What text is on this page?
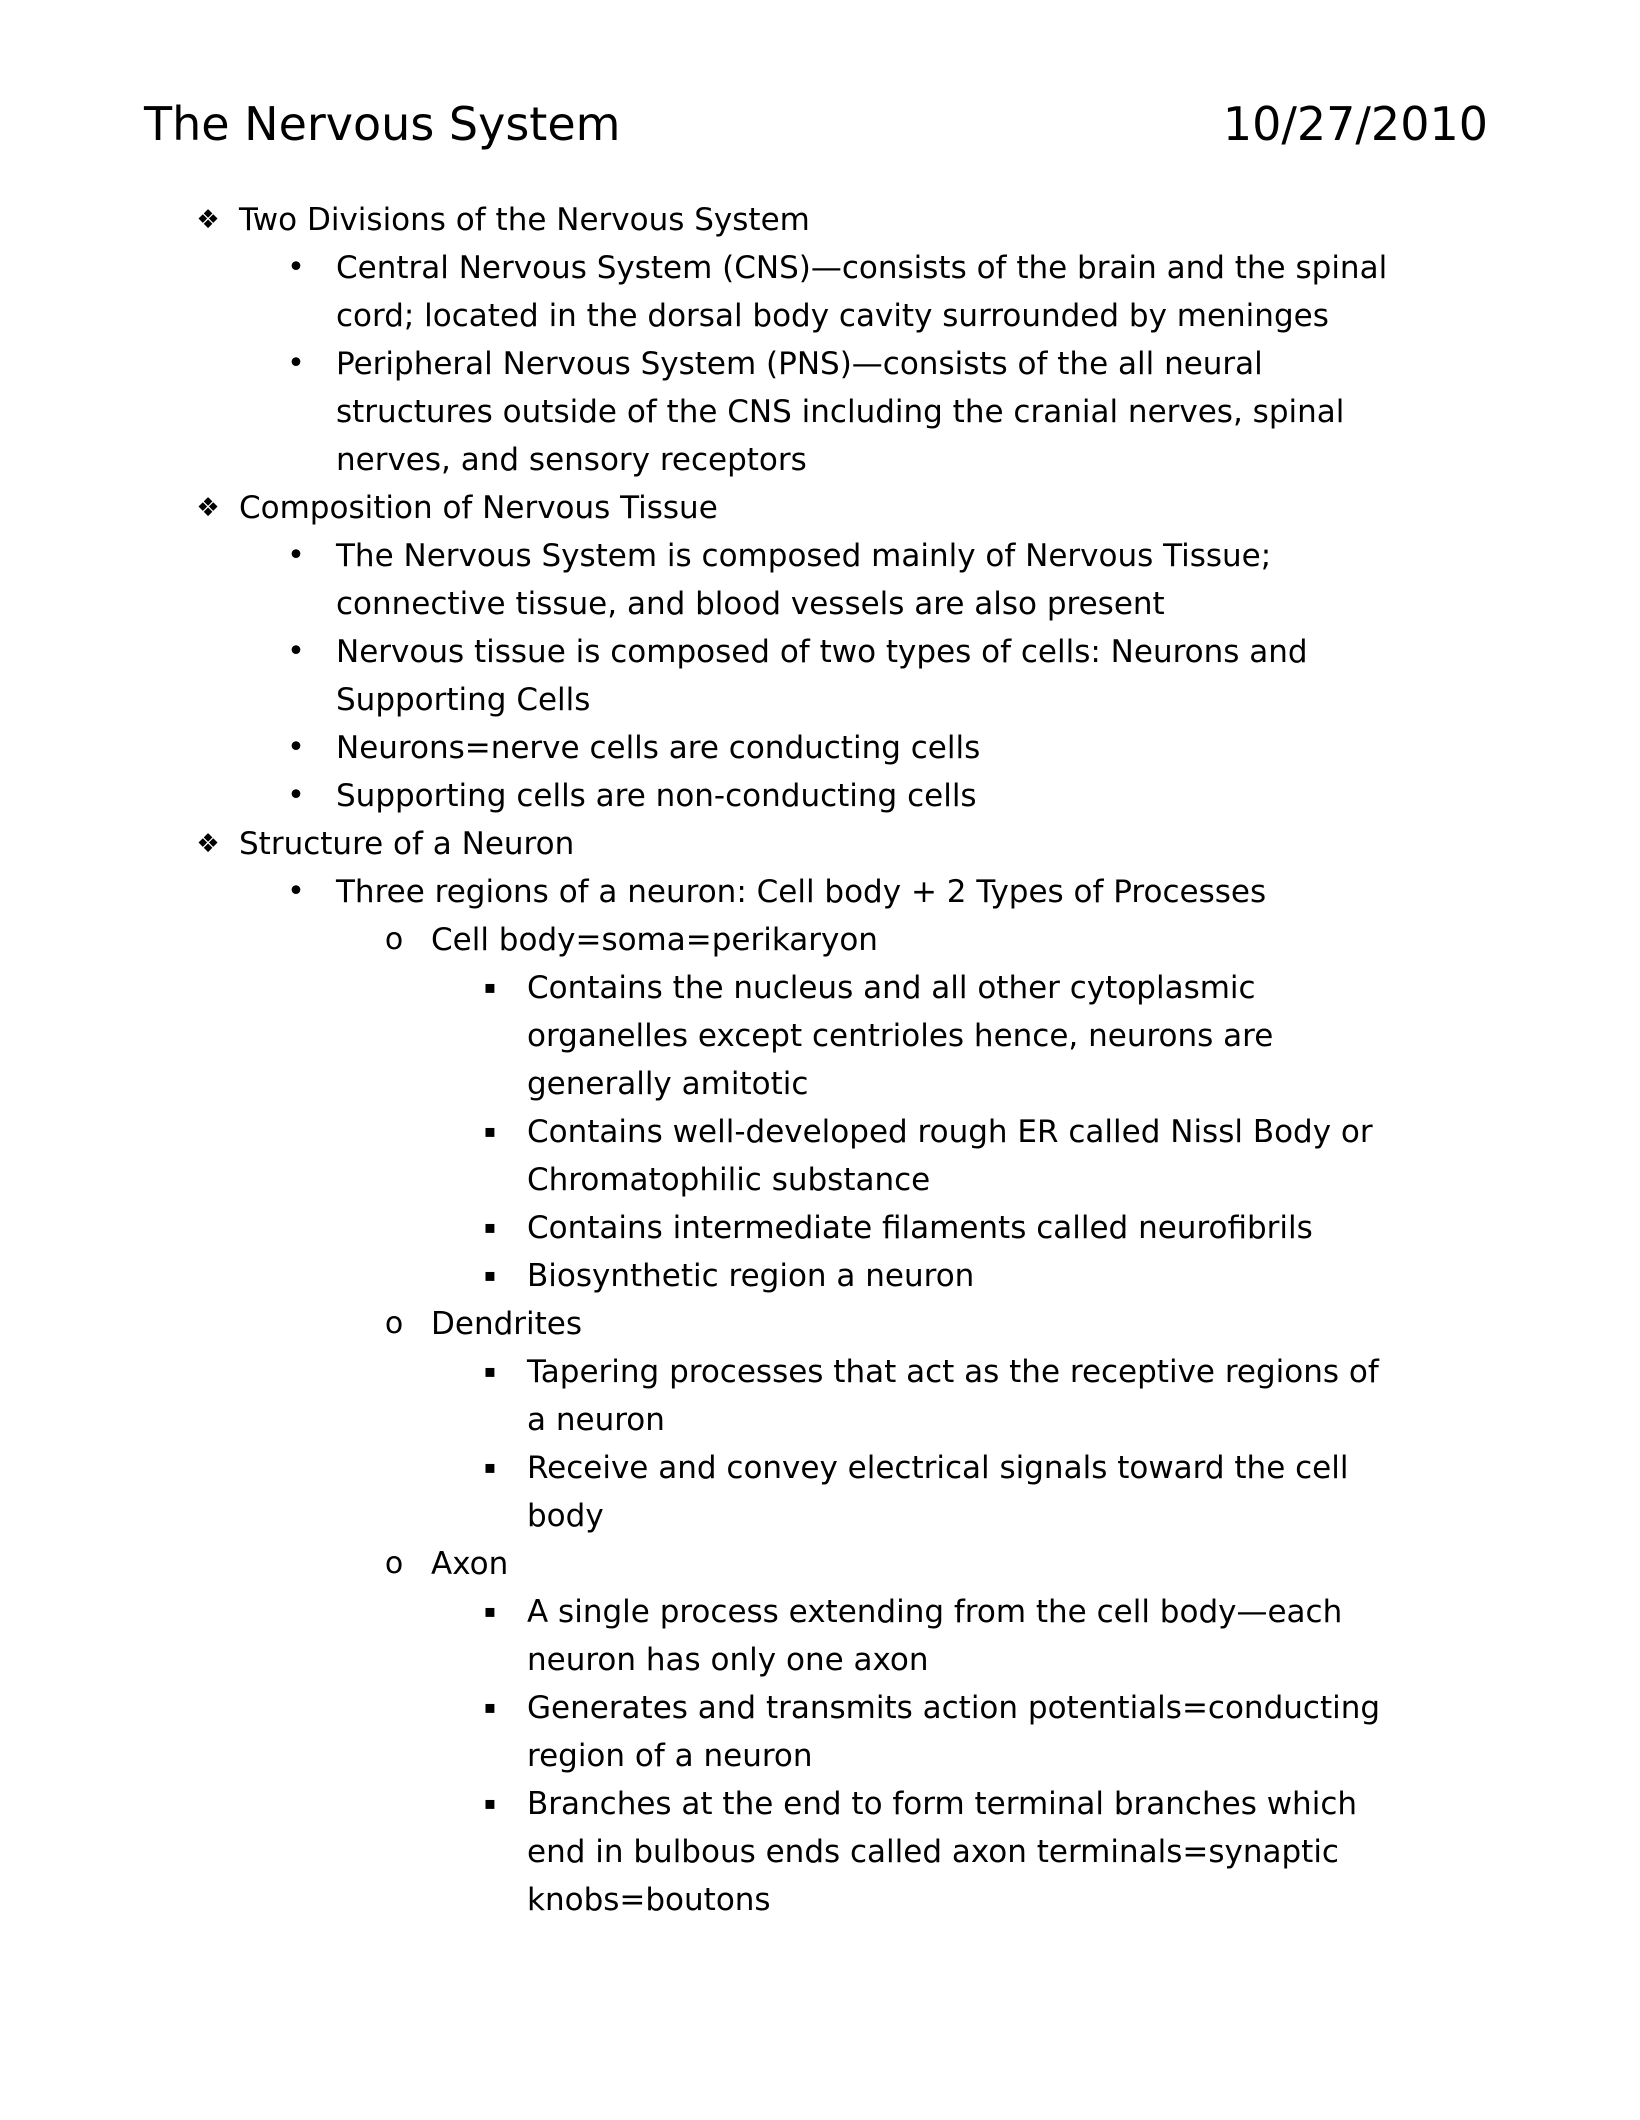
The Nervous System	10/27/2010
❖ Two Divisions of the Nervous System
•	Central Nervous System (CNS)—consists of the brain and the spinal
cord; located in the dorsal body cavity surrounded by meninges
•	Peripheral Nervous System (PNS)—consists of the all neural
structures outside of the CNS including the cranial nerves, spinal
nerves, and sensory receptors
❖ Composition of Nervous Tissue
•	The Nervous System is composed mainly of Nervous Tissue;
connective tissue, and blood vessels are also present
•	Nervous tissue is composed of two types of cells: Neurons and
Supporting Cells
•	Neurons=nerve cells are conducting cells
•	Supporting cells are non-conducting cells
❖ Structure of a Neuron
•	Three regions of a neuron: Cell body + 2 Types of Processes
o Cell body=soma=perikaryon
▪ Contains the nucleus and all other cytoplasmic
organelles except centrioles hence, neurons are
generally amitotic
▪ Contains well-developed rough ER called Nissl Body or
Chromatophilic substance
▪ Contains intermediate filaments called neurofibrils
▪ Biosynthetic region a neuron
o Dendrites
▪ Tapering processes that act as the receptive regions of
a neuron
▪ Receive and convey electrical signals toward the cell
body
o Axon
▪ A single process extending from the cell body—each
neuron has only one axon
▪ Generates and transmits action potentials=conducting
region of a neuron
▪ Branches at the end to form terminal branches which
end in bulbous ends called axon terminals=synaptic
knobs=boutons
